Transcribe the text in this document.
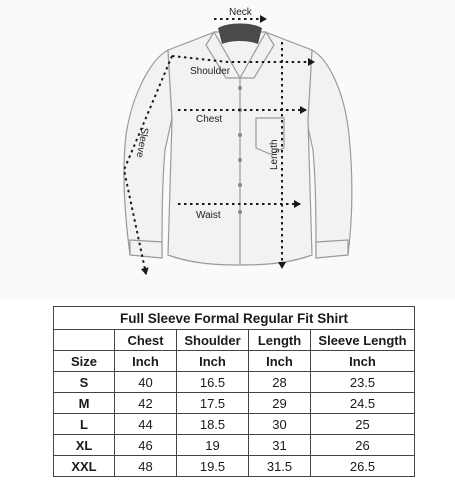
Neck
Shoulder
Chest
Waist
Length
Sleeve
Full Sleeve Formal Regular Fit Shirt				
	Chest	Shoulder	Length	Sleeve Length
Size	Inch	Inch	Inch	Inch
S	40	16.5	28	23.5
M	42	17.5	29	24.5
L	44	18.5	30	25
XL	46	19	31	26
XXL	48	19.5	31.5	26.5
